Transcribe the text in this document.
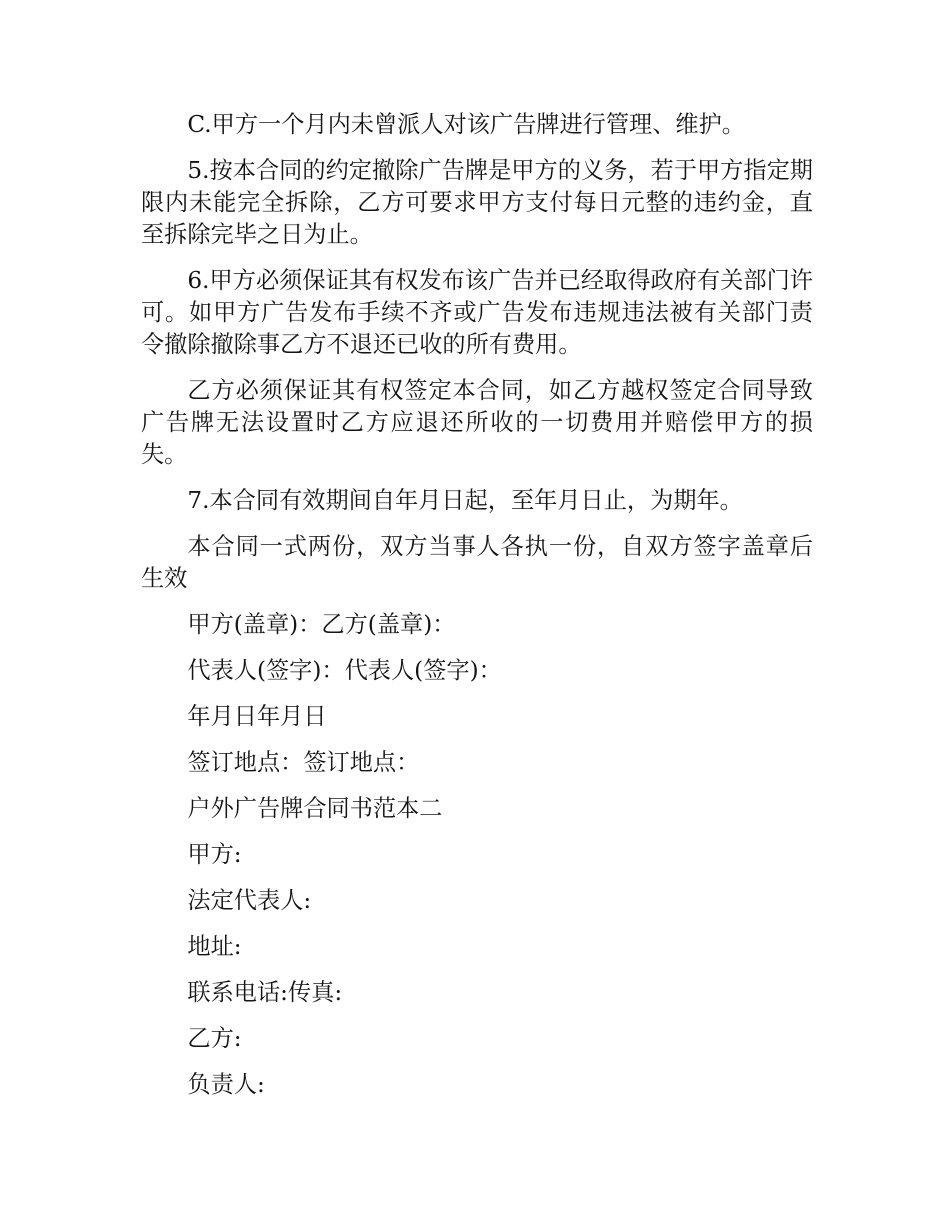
C.甲方一个月内未曾派人对该广告牌进行管理、维护。

5.按本合同的约定撤除广告牌是甲方的义务，若于甲方指定期限内未能完全拆除，乙方可要求甲方支付每日元整的违约金，直至拆除完毕之日为止。

6.甲方必须保证其有权发布该广告并已经取得政府有关部门许可。如甲方广告发布手续不齐或广告发布违规违法被有关部门责令撤除撤除事乙方不退还已收的所有费用。

乙方必须保证其有权签定本合同，如乙方越权签定合同导致广告牌无法设置时乙方应退还所收的一切费用并赔偿甲方的损失。

7.本合同有效期间自年月日起，至年月日止，为期年。

本合同一式两份，双方当事人各执一份，自双方签字盖章后生效

甲方(盖章)：乙方(盖章)：

代表人(签字)：代表人(签字)：

年月日年月日

签订地点：签订地点：

户外广告牌合同书范本二

甲方:

法定代表人:

地址:

联系电话:传真:

乙方:

负责人:
